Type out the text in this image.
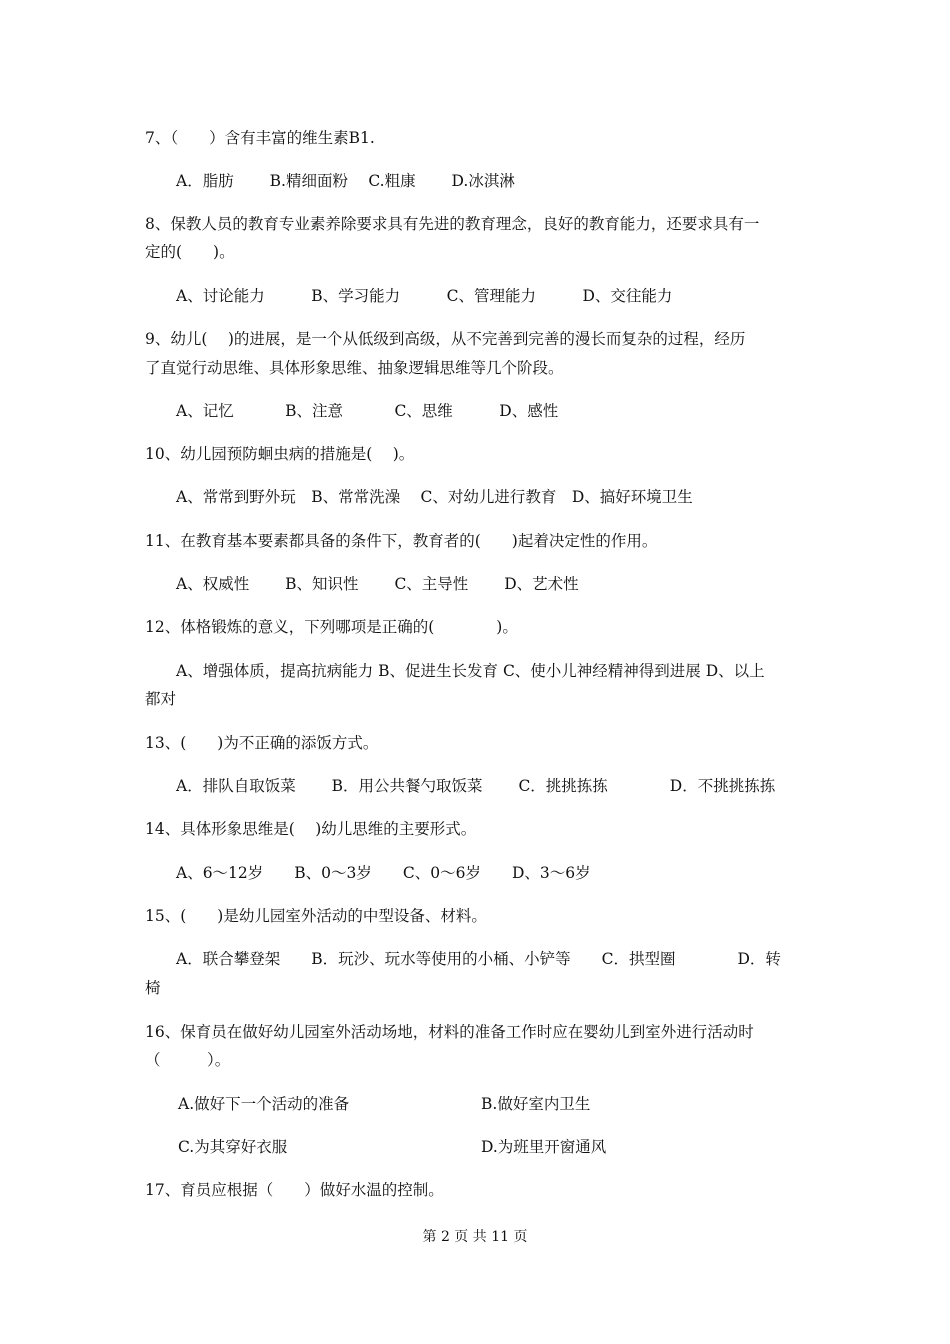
7、（　　）含有丰富的维生素B1.
A．脂肪　　 B.精细面粉　 C.粗康　　 D.冰淇淋
8、保教人员的教育专业素养除要求具有先进的教育理念，良好的教育能力，还要求具有一
定的(　　)。
A、讨论能力　　　B、学习能力　　　C、管理能力　　　D、交往能力
9、幼儿(　 )的进展，是一个从低级到高级，从不完善到完善的漫长而复杂的过程，经历
了直觉行动思维、具体形象思维、抽象逻辑思维等几个阶段。
A、记忆　　　 B、注意　　　 C、思维　　　D、感性
10、幼儿园预防蛔虫病的措施是(　 )。
A、常常到野外玩　B、常常洗澡　 C、对幼儿进行教育　D、搞好环境卫生
11、在教育基本要素都具备的条件下，教育者的(　　)起着决定性的作用。
A、权威性　　 B、知识性　　 C、主导性　　 D、艺术性
12、体格锻炼的意义，下列哪项是正确的(　　　　)。
A、增强体质，提高抗病能力 B、促进生长发育 C、使小儿神经精神得到进展 D、以上
都对
13、(　　)为不正确的添饭方式。
A．排队自取饭菜　　 B．用公共餐勺取饭菜　　 C．挑挑拣拣　　　　D．不挑挑拣拣
14、具体形象思维是(　 )幼儿思维的主要形式。
A、6～12岁　　B、0～3岁　　C、0～6岁　　D、3～6岁
15、(　　)是幼儿园室外活动的中型设备、材料。
A．联合攀登架　　B．玩沙、玩水等使用的小桶、小铲等　　C．拱型圈　　　　D．转
椅
16、保育员在做好幼儿园室外活动场地，材料的准备工作时应在婴幼儿到室外进行活动时
（　　　）。
A.做好下一个活动的准备	B.做好室内卫生
C.为其穿好衣服	D.为班里开窗通风
17、育员应根据（　　）做好水温的控制。
第 2 页 共 11 页
